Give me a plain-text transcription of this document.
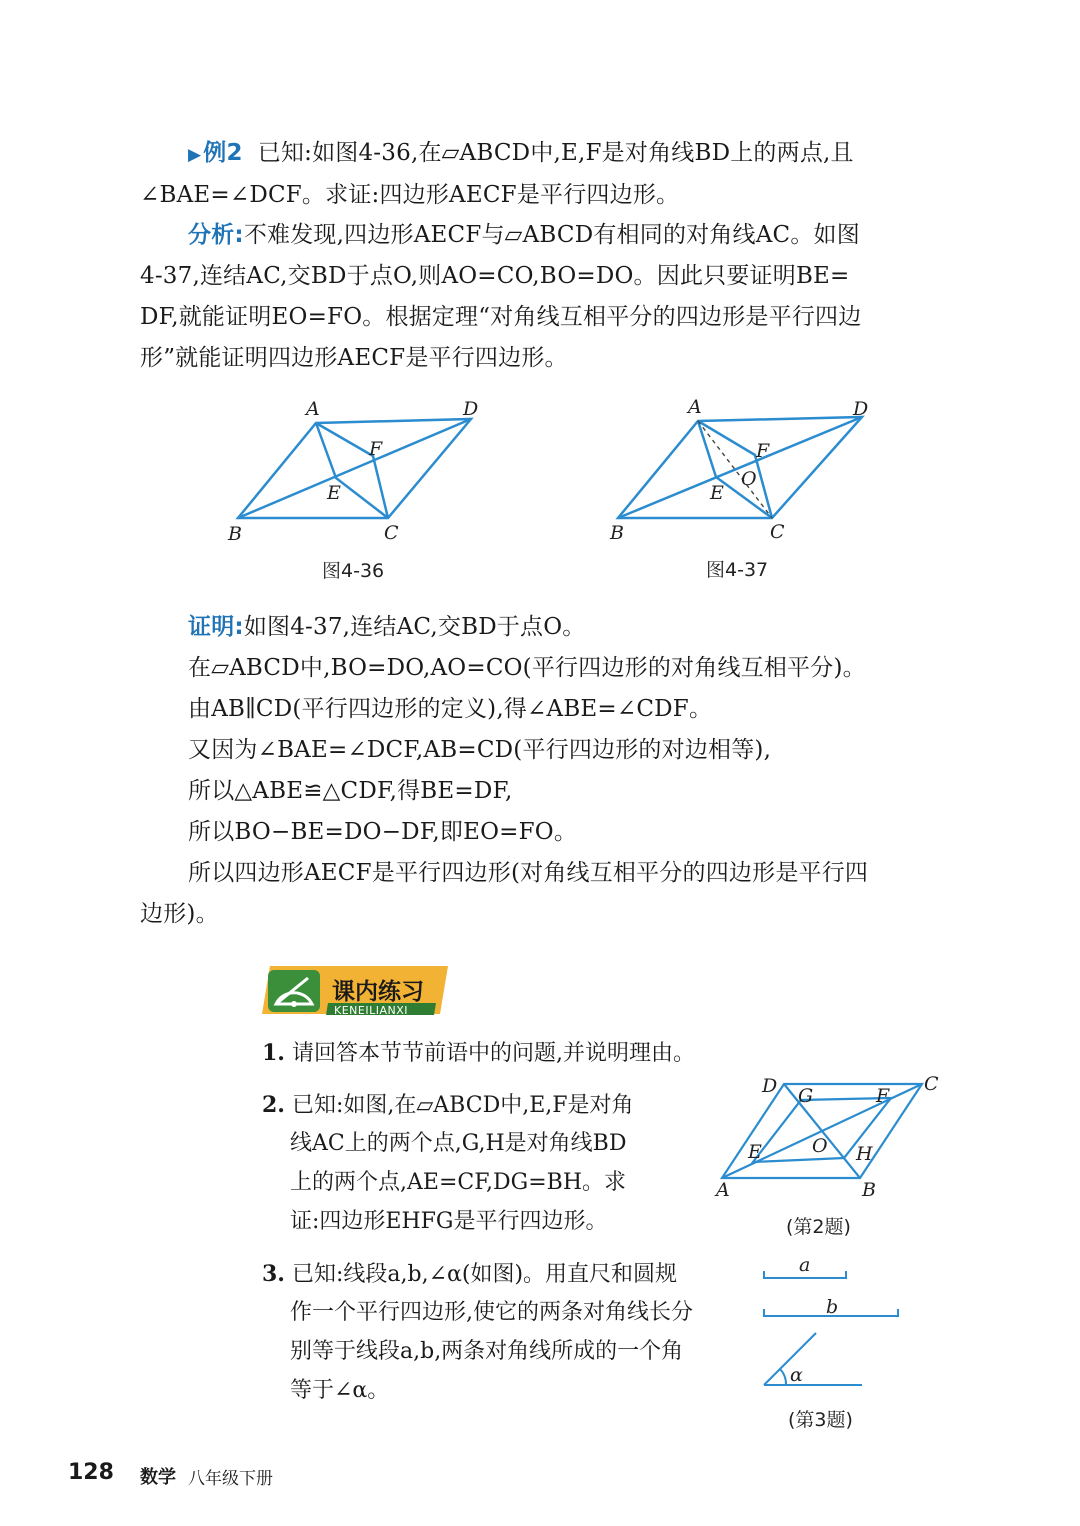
▶例2 已知:如图4-36,在▱ABCD中,E,F是对角线BD上的两点,且
∠BAE=∠DCF。求证:四边形AECF是平行四边形。
分析:不难发现,四边形AECF与▱ABCD有相同的对角线AC。如图
4-37,连结AC,交BD于点O,则AO=CO,BO=DO。因此只要证明BE=
DF,就能证明EO=FO。根据定理“对角线互相平分的四边形是平行四边
形”就能证明四边形AECF是平行四边形。
A	D
B	C
F
E
图4-36
A	D
B	C
F
O
E
图4-37
证明:如图4-37,连结AC,交BD于点O。
在▱ABCD中,BO=DO,AO=CO(平行四边形的对角线互相平分)。
由AB∥CD(平行四边形的定义),得∠ABE=∠CDF。
又因为∠BAE=∠DCF,AB=CD(平行四边形的对边相等),
所以△ABE≌△CDF,得BE=DF,
所以BO−BE=DO−DF,即EO=FO。
所以四边形AECF是平行四边形(对角线互相平分的四边形是平行四
边形)。
课内练习
KENEILIANXI
1. 请回答本节节前语中的问题,并说明理由。
2. 已知:如图,在▱ABCD中,E,F是对角
线AC上的两个点,G,H是对角线BD
上的两个点,AE=CF,DG=BH。求
证:四边形EHFG是平行四边形。
D	C
A	B
G	F
E	O H
(第2题)
3. 已知:线段a,b,∠α(如图)。用直尺和圆规
作一个平行四边形,使它的两条对角线长分
别等于线段a,b,两条对角线所成的一个角
等于∠α。
a
b
α
(第3题)
128 数学 八年级下册
